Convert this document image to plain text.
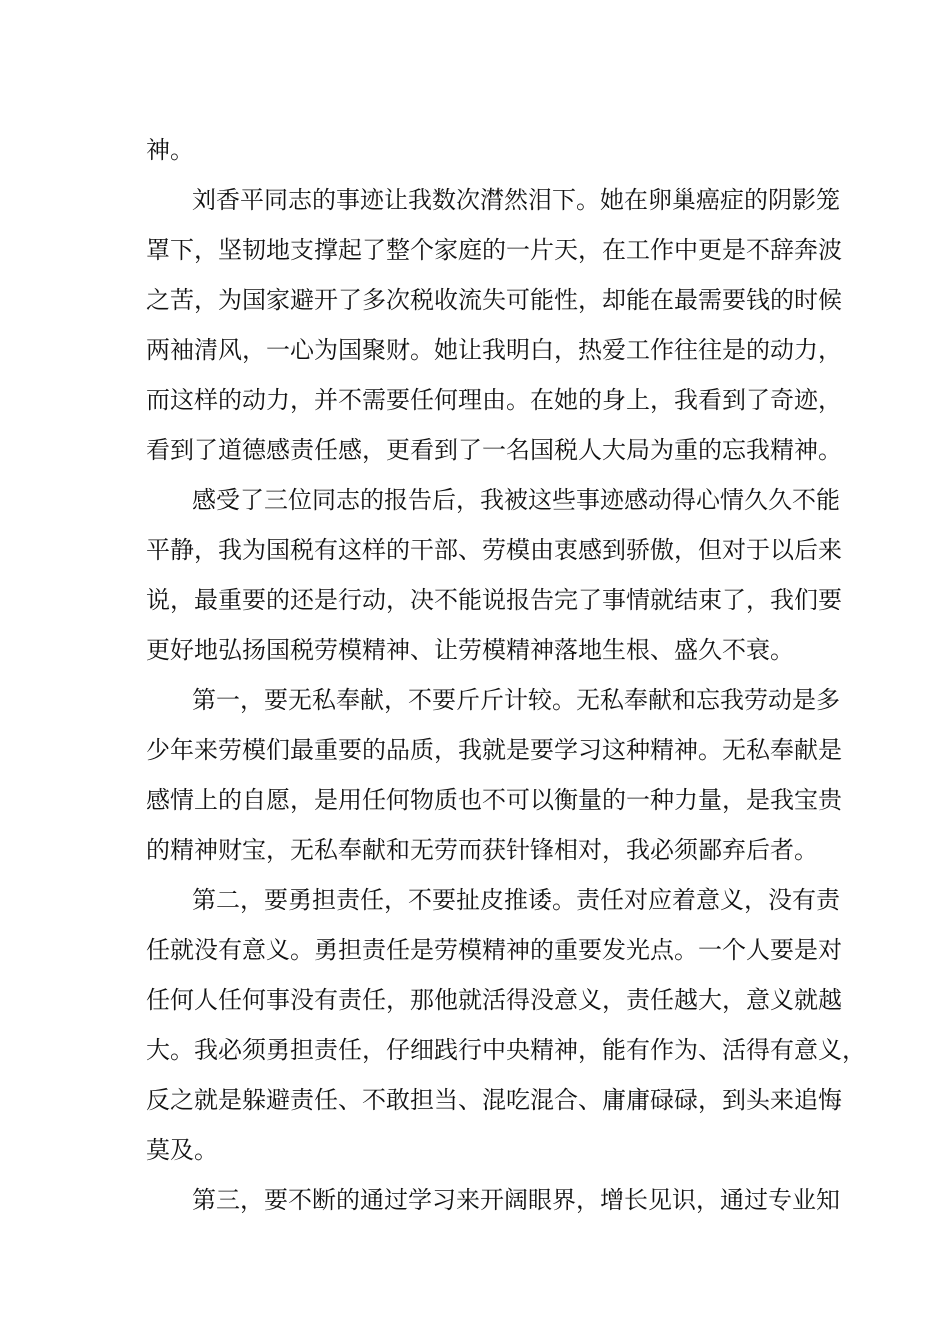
神。
刘香平同志的事迹让我数次潸然泪下。她在卵巢癌症的阴影笼
罩下，坚韧地支撑起了整个家庭的一片天，在工作中更是不辞奔波
之苦，为国家避开了多次税收流失可能性，却能在最需要钱的时候
两袖清风，一心为国聚财。她让我明白，热爱工作往往是的动力，
而这样的动力，并不需要任何理由。在她的身上，我看到了奇迹，
看到了道德感责任感，更看到了一名国税人大局为重的忘我精神。
感受了三位同志的报告后，我被这些事迹感动得心情久久不能
平静，我为国税有这样的干部、劳模由衷感到骄傲，但对于以后来
说，最重要的还是行动，决不能说报告完了事情就结束了，我们要
更好地弘扬国税劳模精神、让劳模精神落地生根、盛久不衰。
第一，要无私奉献，不要斤斤计较。无私奉献和忘我劳动是多
少年来劳模们最重要的品质，我就是要学习这种精神。无私奉献是
感情上的自愿，是用任何物质也不可以衡量的一种力量，是我宝贵
的精神财宝，无私奉献和无劳而获针锋相对，我必须鄙弃后者。
第二，要勇担责任，不要扯皮推诿。责任对应着意义，没有责
任就没有意义。勇担责任是劳模精神的重要发光点。一个人要是对
任何人任何事没有责任，那他就活得没意义，责任越大，意义就越
大。我必须勇担责任，仔细践行中央精神，能有作为、活得有意义，
反之就是躲避责任、不敢担当、混吃混合、庸庸碌碌，到头来追悔
莫及。
第三，要不断的通过学习来开阔眼界，增长见识，通过专业知
